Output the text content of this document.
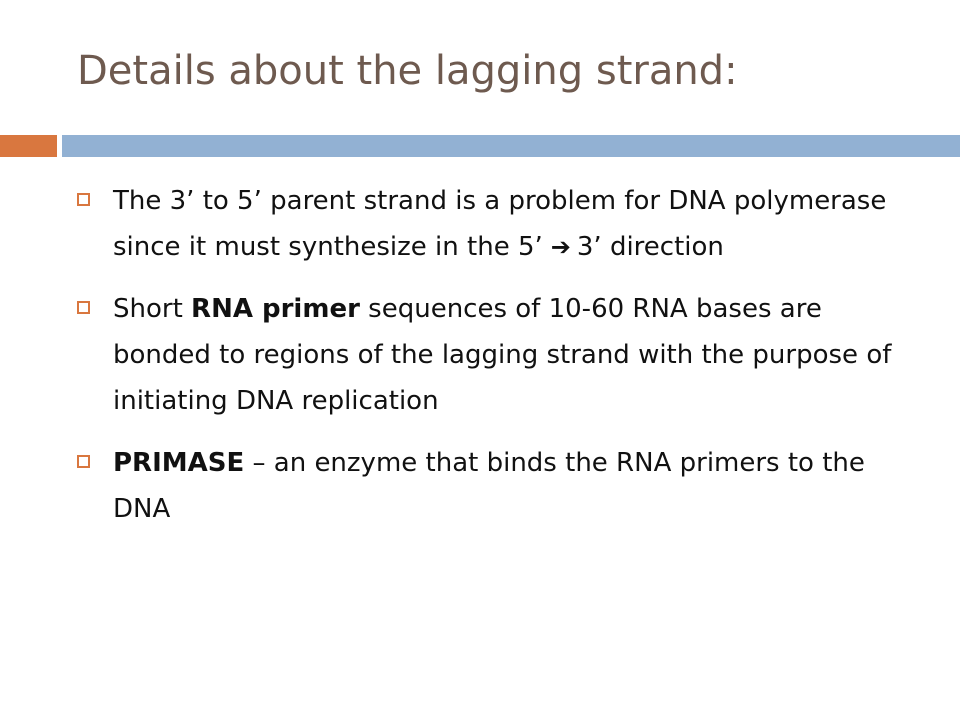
Details about the lagging strand:
The 3’ to 5’ parent strand is a problem for DNA polymerase since it must synthesize in the 5’ ➔ 3’ direction
Short RNA primer sequences of 10-60 RNA bases are bonded to regions of the lagging strand with the purpose of initiating DNA replication
PRIMASE – an enzyme that binds the RNA primers to the DNA
